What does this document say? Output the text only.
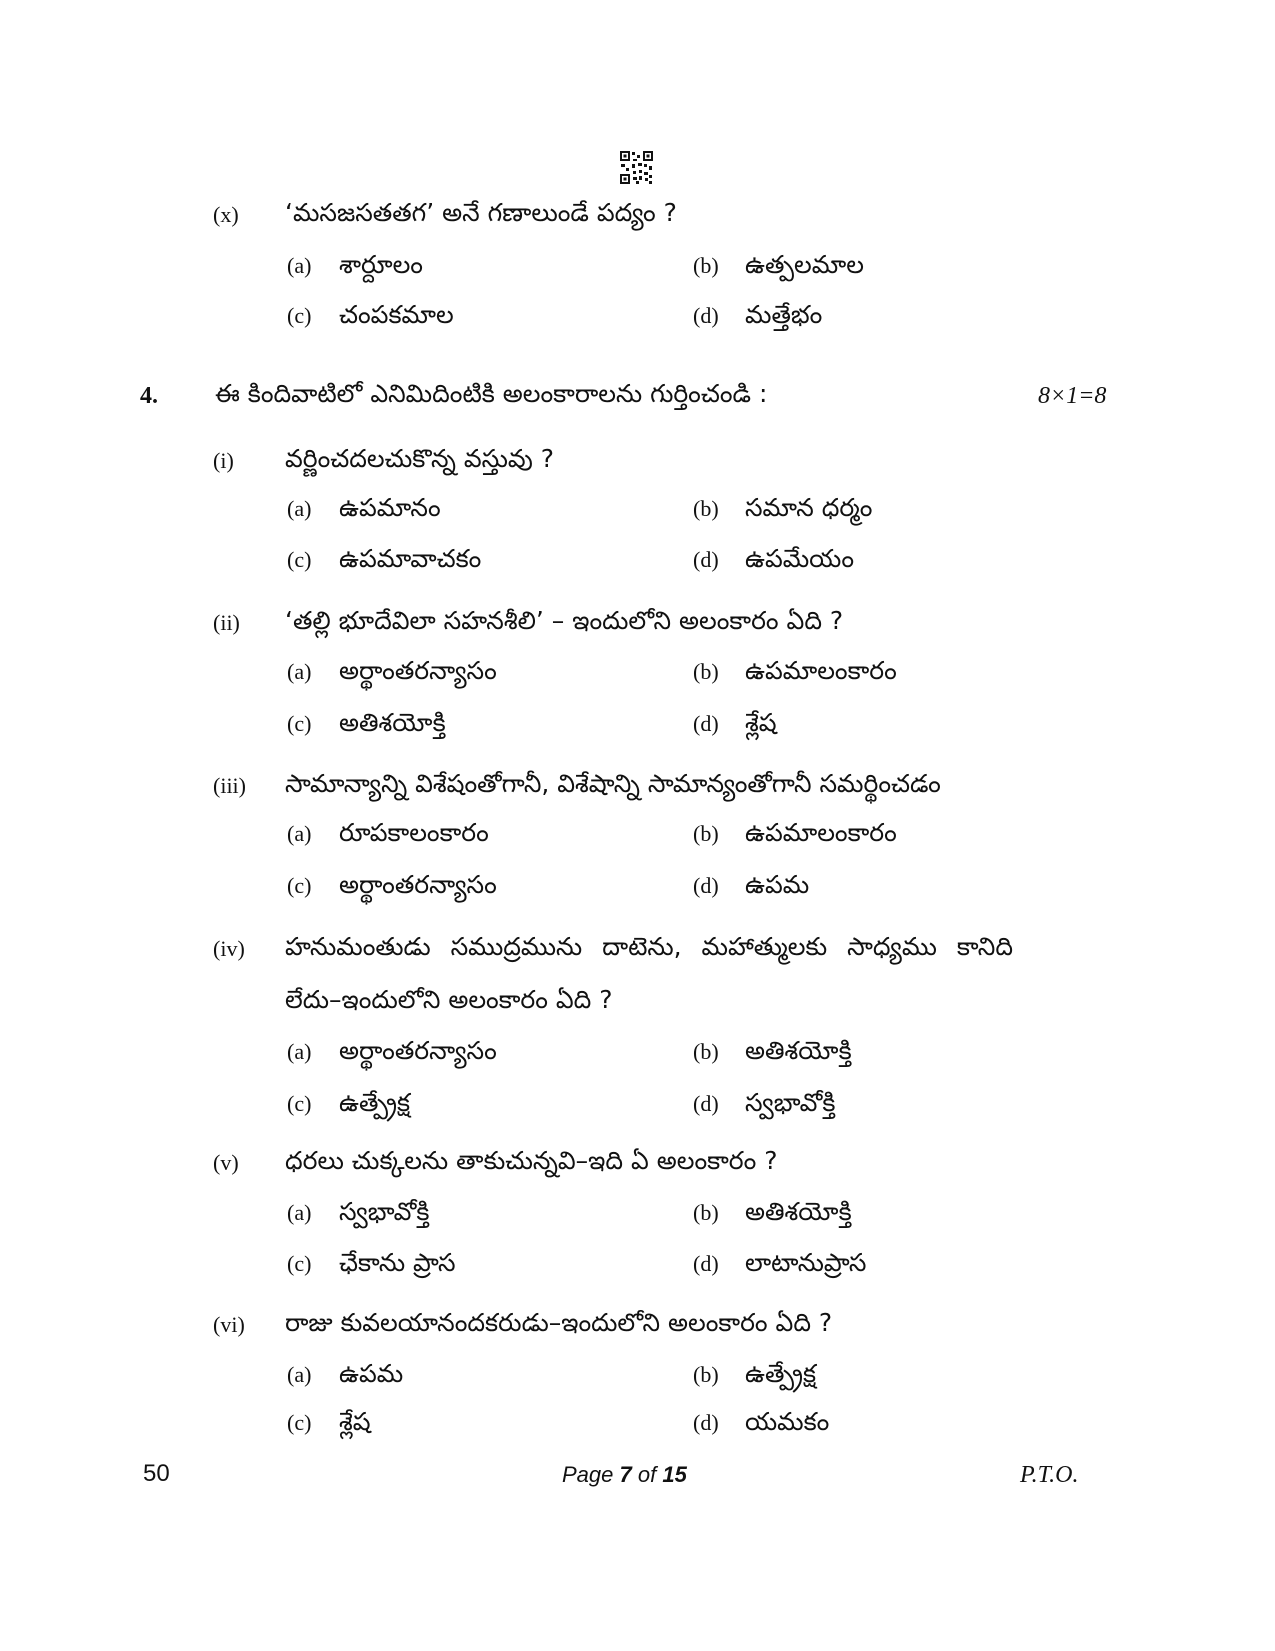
(x) ‘మసజసతతగ’ అనే గణాలుండే పద్యం ?
(a) శార్దూలం	(b) ఉత్పలమాల
(c) చంపకమాల	(d) మత్తేభం
4. ఈ కిందివాటిలో ఎనిమిదింటికి అలంకారాలను గుర్తించండి :	8×1=8
(i) వర్ణించదలచుకొన్న వస్తువు ?
(a) ఉపమానం	(b) సమాన ధర్మం
(c) ఉపమావాచకం	(d) ఉపమేయం
(ii) ‘తల్లి భూదేవిలా సహనశీలి’ – ఇందులోని అలంకారం ఏది ?
(a) అర్థాంతరన్యాసం	(b) ఉపమాలంకారం
(c) అతిశయోక్తి	(d) శ్లేష
(iii) సామాన్యాన్ని విశేషంతోగానీ, విశేషాన్ని సామాన్యంతోగానీ సమర్థించడం
(a) రూపకాలంకారం	(b) ఉపమాలంకారం
(c) అర్థాంతరన్యాసం	(d) ఉపమ
(iv) హనుమంతుడు సముద్రమును దాటెను, మహాత్ములకు సాధ్యము కానిది
లేదు–ఇందులోని అలంకారం ఏది ?
(a) అర్థాంతరన్యాసం	(b) అతిశయోక్తి
(c) ఉత్ప్రేక్ష	(d) స్వభావోక్తి
(v) ధరలు చుక్కలను తాకుచున్నవి–ఇది ఏ అలంకారం ?
(a) స్వభావోక్తి	(b) అతిశయోక్తి
(c) ఛేకాను ప్రాస	(d) లాటానుప్రాస
(vi) రాజు కువలయానందకరుడు–ఇందులోని అలంకారం ఏది ?
(a) ఉపమ	(b) ఉత్ప్రేక్ష
(c) శ్లేష	(d) యమకం
50	Page 7 of 15	P.T.O.
